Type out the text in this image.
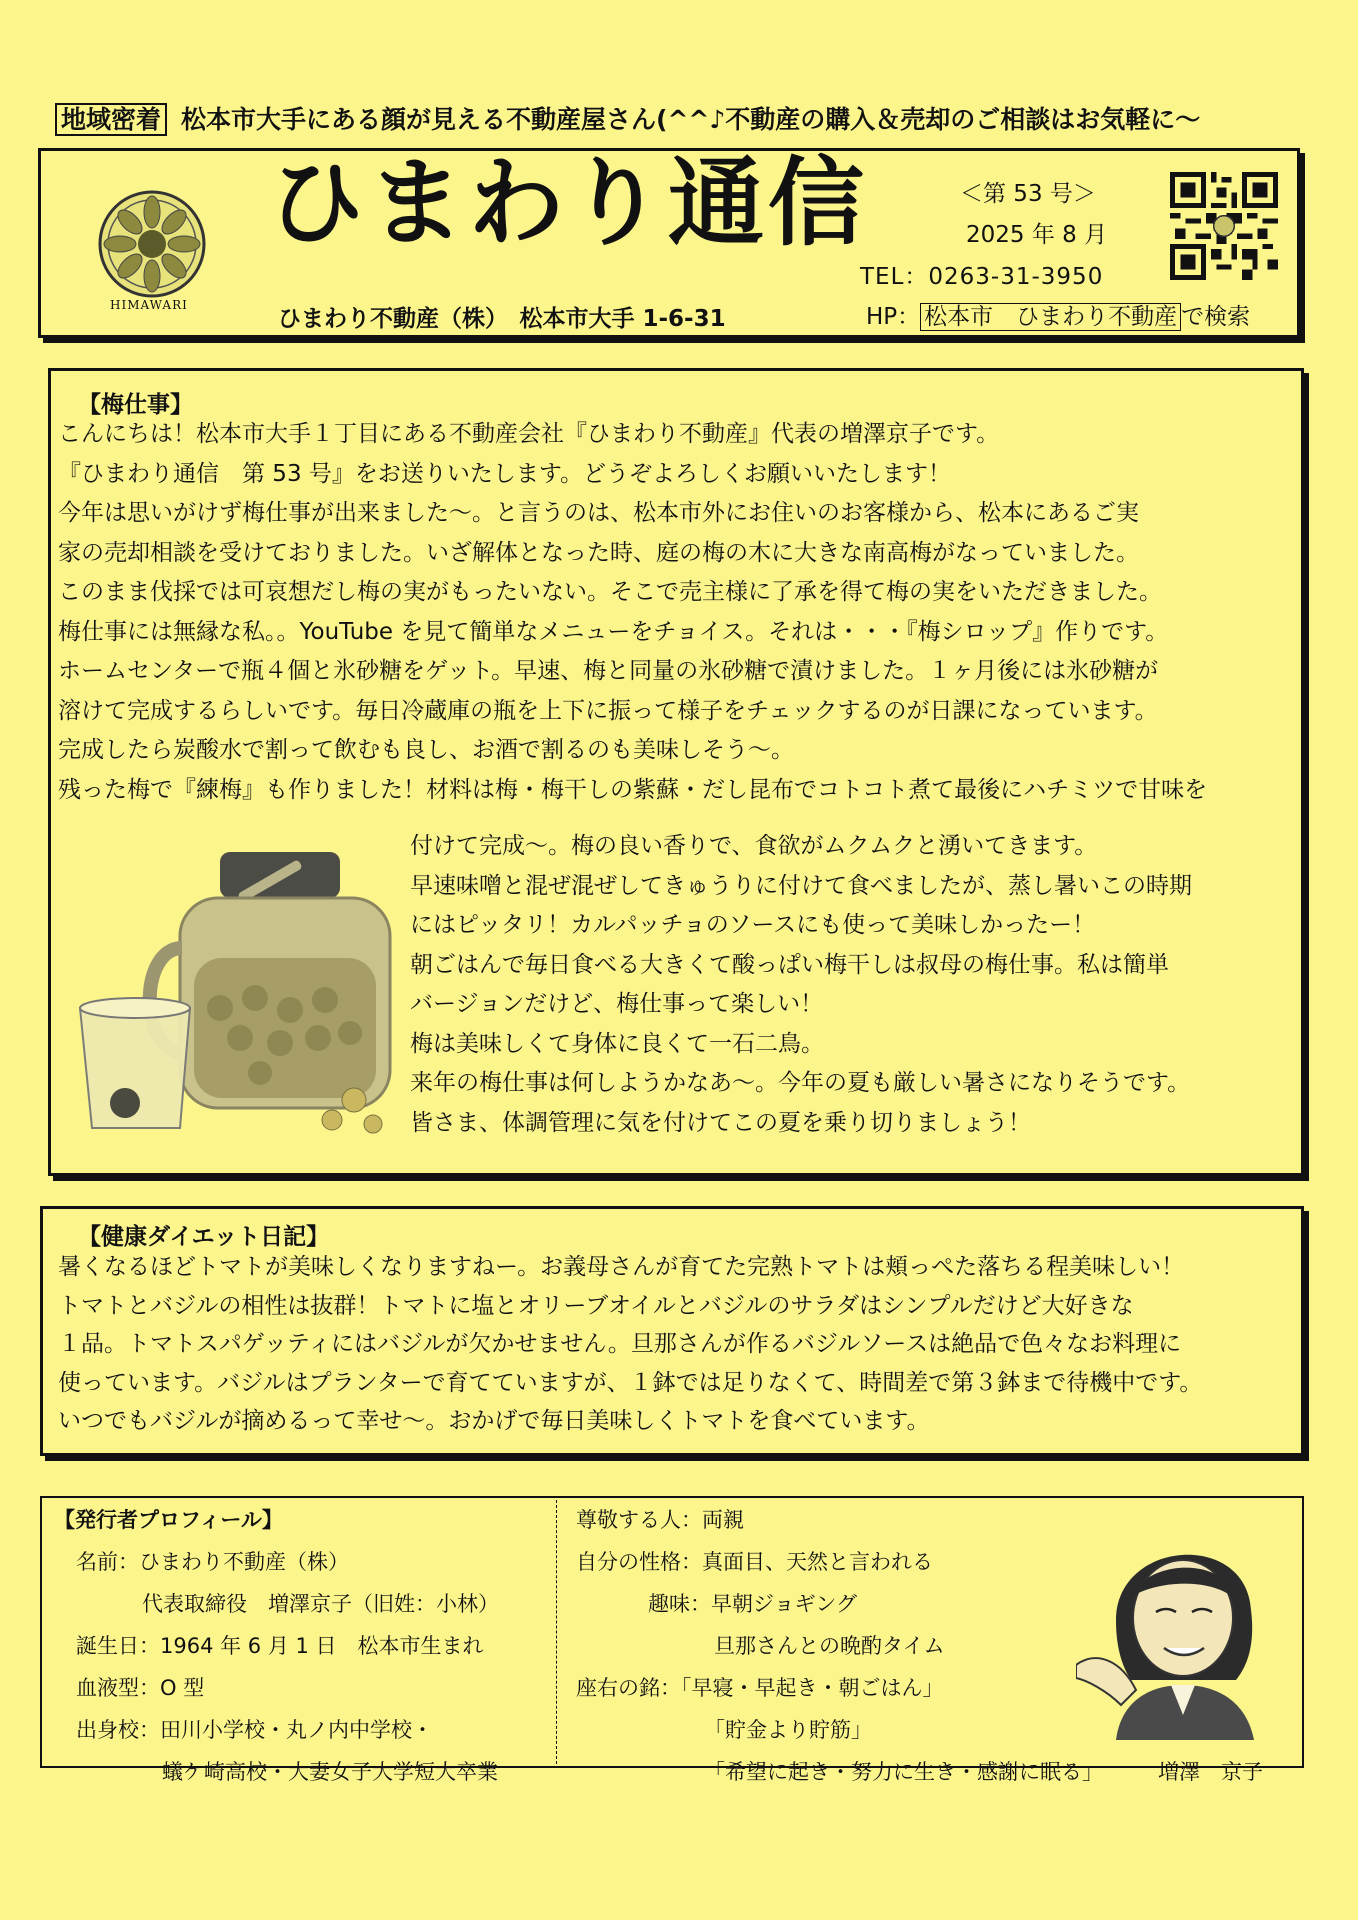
地域密着 松本市大手にある顔が見える不動産屋さん(^^♪不動産の購入＆売却のご相談はお気軽に～
HIMAWARI
ひまわり通信	＜第 53 号＞
2025 年 8 月
TEL：0263-31-3950
ひまわり不動産（株）　松本市大手 1-6-31	HP： 松本市　ひまわり不動産 で検索
【梅仕事】
こんにちは！松本市大手１丁目にある不動産会社『ひまわり不動産』代表の増澤京子です。
『ひまわり通信　第 53 号』をお送りいたします。どうぞよろしくお願いいたします！
今年は思いがけず梅仕事が出来ました～。と言うのは、松本市外にお住いのお客様から、松本にあるご実
家の売却相談を受けておりました。いざ解体となった時、庭の梅の木に大きな南高梅がなっていました。
このまま伐採では可哀想だし梅の実がもったいない。そこで売主様に了承を得て梅の実をいただきました。
梅仕事には無縁な私。。YouTube を見て簡単なメニューをチョイス。それは・・・『梅シロップ』作りです。
ホームセンターで瓶４個と氷砂糖をゲット。早速、梅と同量の氷砂糖で漬けました。１ヶ月後には氷砂糖が
溶けて完成するらしいです。毎日冷蔵庫の瓶を上下に振って様子をチェックするのが日課になっています。
完成したら炭酸水で割って飲むも良し、お酒で割るのも美味しそう～。
残った梅で『練梅』も作りました！材料は梅・梅干しの紫蘇・だし昆布でコトコト煮て最後にハチミツで甘味を
付けて完成～。梅の良い香りで、食欲がムクムクと湧いてきます。
早速味噌と混ぜ混ぜしてきゅうりに付けて食べましたが、蒸し暑いこの時期
にはピッタリ！カルパッチョのソースにも使って美味しかったー！
朝ごはんで毎日食べる大きくて酸っぱい梅干しは叔母の梅仕事。私は簡単
バージョンだけど、梅仕事って楽しい！
梅は美味しくて身体に良くて一石二鳥。
来年の梅仕事は何しようかなあ～。今年の夏も厳しい暑さになりそうです。
皆さま、体調管理に気を付けてこの夏を乗り切りましょう！
【健康ダイエット日記】
暑くなるほどトマトが美味しくなりますねー。お義母さんが育てた完熟トマトは頬っぺた落ちる程美味しい！
トマトとバジルの相性は抜群！トマトに塩とオリーブオイルとバジルのサラダはシンプルだけど大好きな
１品。トマトスパゲッティにはバジルが欠かせません。旦那さんが作るバジルソースは絶品で色々なお料理に
使っています。バジルはプランターで育てていますが、１鉢では足りなくて、時間差で第３鉢まで待機中です。
いつでもバジルが摘めるって幸せ～。おかげで毎日美味しくトマトを食べています。
【発行者プロフィール】
名前：ひまわり不動産（株）
代表取締役　増澤京子（旧姓：小林）
誕生日：1964 年 6 月 1 日　松本市生まれ
血液型：O 型
出身校：田川小学校・丸ノ内中学校・
蟻ケ崎高校・大妻女子大学短大卒業
尊敬する人：両親
自分の性格：真面目、天然と言われる
趣味：早朝ジョギング
旦那さんとの晩酌タイム
座右の銘：「早寝・早起き・朝ごはん」
「貯金より貯筋」
「希望に起き・努力に生き・感謝に眠る」	増澤　京子
